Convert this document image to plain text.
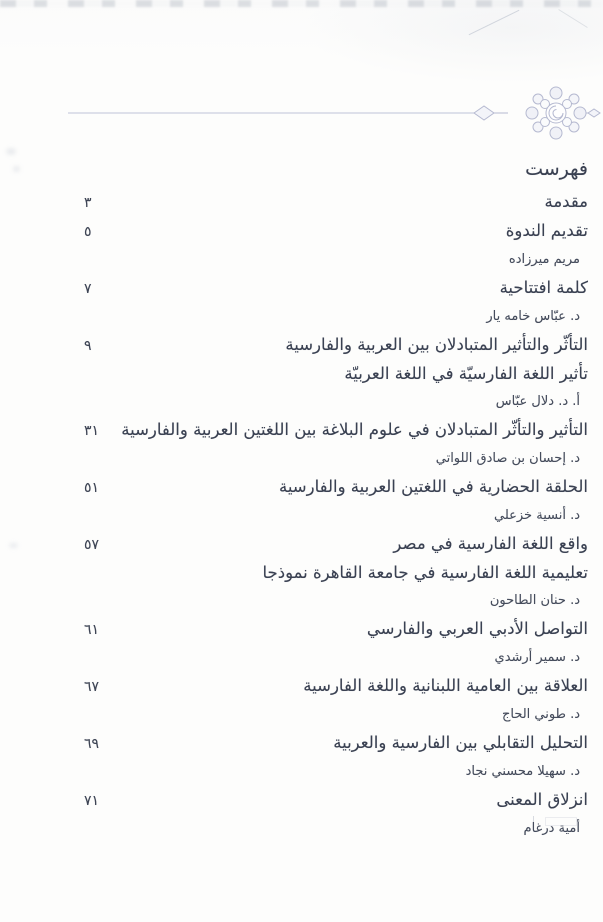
فهرست
مقدمة
٣
تقديم الندوة
٥
مريم ميرزاده
كلمة افتتاحية
٧
د. عبّاس خامه يار
التأثّر والتأثير المتبادلان بين العربية والفارسية
٩
تأثير اللغة الفارسيّة في اللغة العربيّة
أ. د. دلال عبّاس
التأثير والتأثّر المتبادلان في علوم البلاغة بين اللغتين العربية والفارسية
٣١
د. إحسان بن صادق اللواتي
الحلقة الحضارية في اللغتين العربية والفارسية
٥١
د. أنسية خزعلي
واقع اللغة الفارسية في مصر
٥٧
تعليمية اللغة الفارسية في جامعة القاهرة نموذجا
د. حنان الطاحون
التواصل الأدبي العربي والفارسي
٦١
د. سمير أرشدي
العلاقة بين العامية اللبنانية واللغة الفارسية
٦٧
د. طوني الحاج
التحليل التقابلي بين الفارسية والعربية
٦٩
د. سهيلا محسني نجاد
انزلاق المعنى
٧١
أمية درغام
